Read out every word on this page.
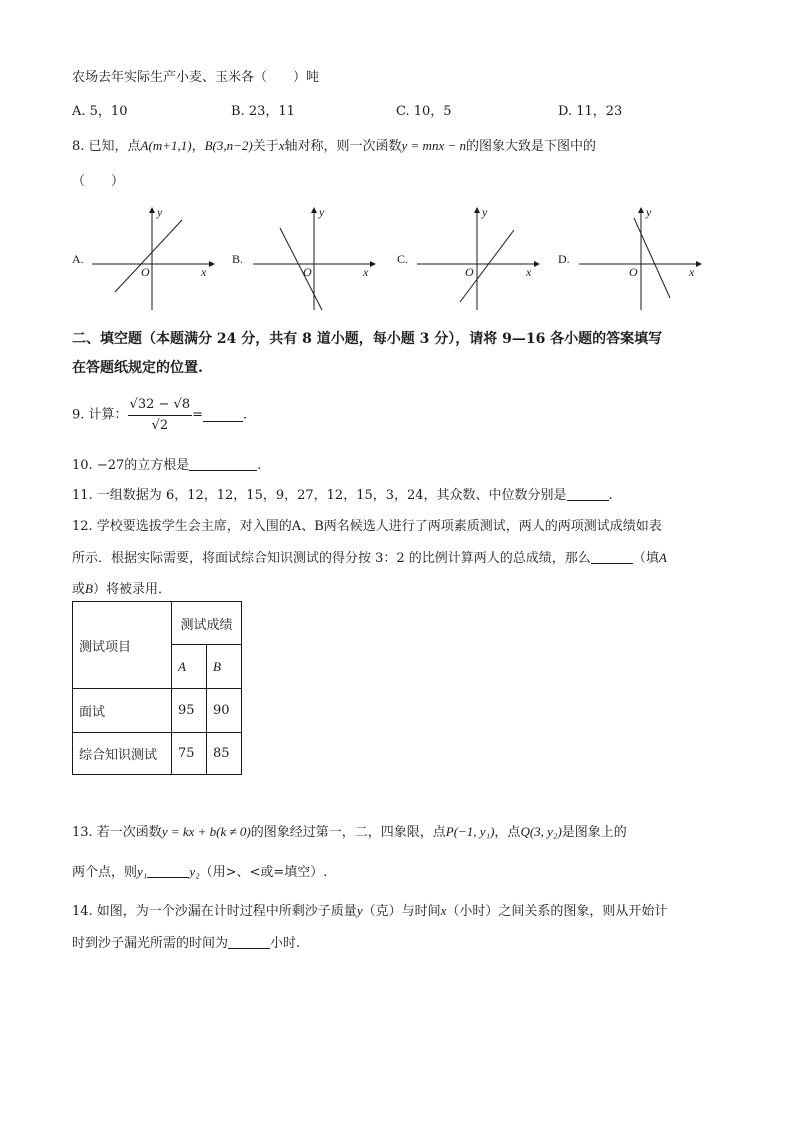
农场去年实际生产小麦、玉米各（　　）吨
A. 5，10	B. 23，11	C. 10，5	D. 11，23
8. 已知，点A(m+1,1)，B(3,n−2)关于x轴对称，则一次函数y = mnx − n的图象大致是下图中的
（　　）
A.
O	x
y
B.
O	x
y
C.
O	x
y
D.
O	x
y
二、填空题（本题满分 24 分，共有 8 道小题，每小题 3 分），请将 9—16 各小题的答案填写
在答题纸规定的位置.
9. 计算： $\frac{√32 - √8}{√2}$ =	.
10. −27的立方根是	.
11. 一组数据为 6，12，12，15，9，27，12，15，3，24，其众数、中位数分别是	.
12. 学校要选拔学生会主席，对入围的A、B两名候选人进行了两项素质测试，两人的两项测试成绩如表
所示．根据实际需要，将面试综合知识测试的得分按 3：2 的比例计算两人的总成绩，那么	（填A
或B）将被录用．
测试项目	测试成绩	
	A	B
面试	95	90
综合知识测试	75	85
13. 若一次函数y = kx + b(k ≠ 0)的图象经过第一，二，四象限，点P(−1, y₁)，点Q(3, y₂)是图象上的
两个点，则y₁	y₂（用>、<或=填空）.
14. 如图，为一个沙漏在计时过程中所剩沙子质量y（克）与时间x（小时）之间关系的图象，则从开始计
时到沙子漏光所需的时间为	小时.
